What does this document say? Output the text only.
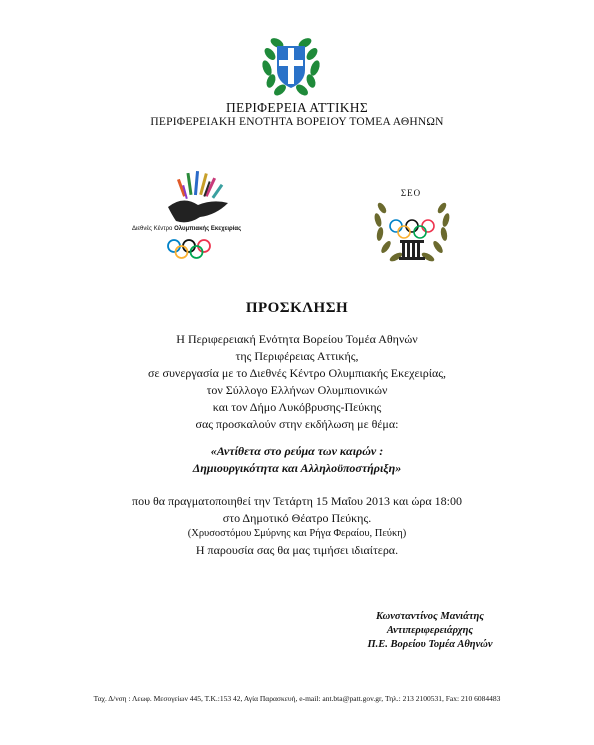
ΠΕΡΙΦΕΡΕΙΑ ΑΤΤΙΚΗΣ
ΠΕΡΙΦΕΡΕΙΑΚΗ ΕΝΟΤΗΤΑ ΒΟΡΕΙΟΥ ΤΟΜΕΑ ΑΘΗΝΩΝ
Διεθνές Κέντρο Ολυμπιακής Εκεχειρίας
ΣΕΟ
ΠΡΟΣΚΛΗΣΗ
Η Περιφερειακή Ενότητα Βορείου Τομέα Αθηνών
της Περιφέρειας Αττικής,
σε συνεργασία με το Διεθνές Κέντρο Ολυμπιακής Εκεχειρίας,
τον Σύλλογο Ελλήνων Ολυμπιονικών
και τον Δήμο Λυκόβρυσης-Πεύκης
σας προσκαλούν στην εκδήλωση με θέμα:
«Αντίθετα στο ρεύμα των καιρών :
Δημιουργικότητα και Αλληλοϋποστήριξη»
που θα πραγματοποιηθεί την Τετάρτη 15 Μαΐου 2013 και ώρα 18:00
στο Δημοτικό Θέατρο Πεύκης.
(Χρυσοστόμου Σμύρνης και Ρήγα Φεραίου, Πεύκη)
Η παρουσία σας θα μας τιμήσει ιδιαίτερα.
Κωνσταντίνος Μανιάτης
Αντιπεριφερειάρχης
Π.Ε. Βορείου Τομέα Αθηνών
Ταχ. Δ/νση : Λεωφ. Μεσογείων 445, Τ.Κ.:153 42, Αγία Παρασκευή, e-mail: ant.bta@patt.gov.gr, Τηλ.: 213 2100531, Fax: 210 6084483
